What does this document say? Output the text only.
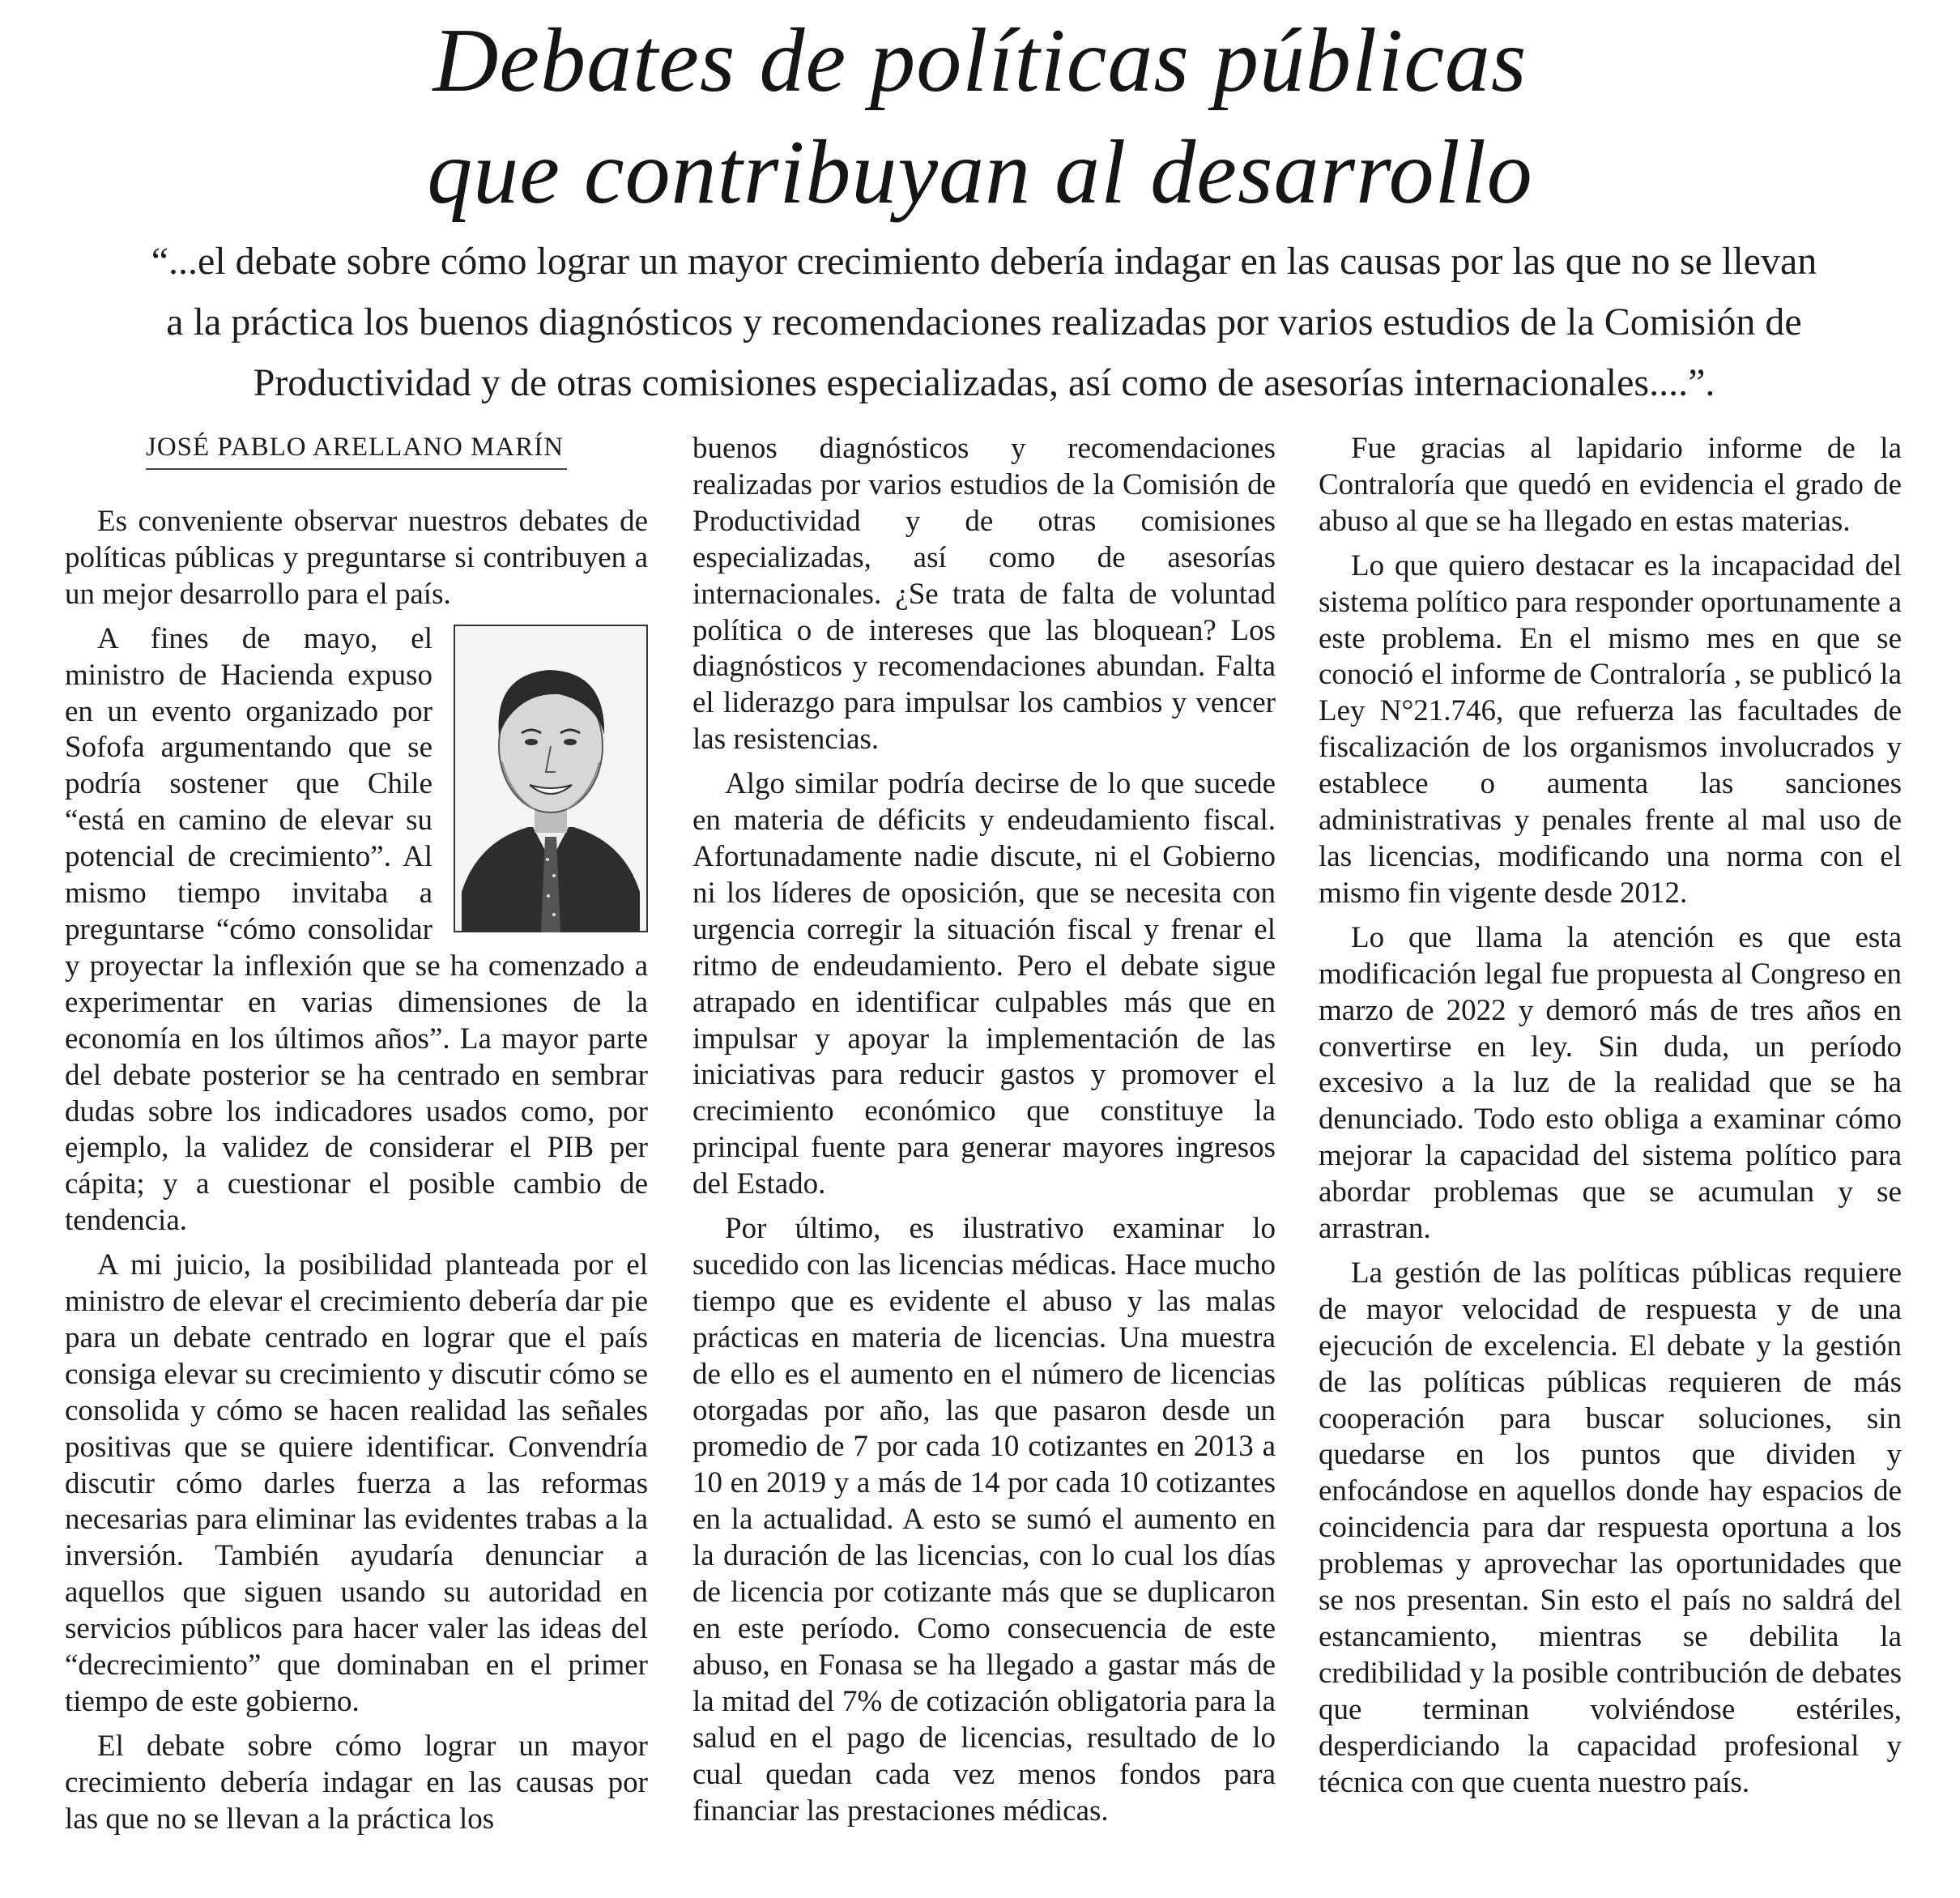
Debates de políticas públicas
que contribuyan al desarrollo
“...el debate sobre cómo lograr un mayor crecimiento debería indagar en las causas por las que no se llevan
a la práctica los buenos diagnósticos y recomendaciones realizadas por varios estudios de la Comisión de
Productividad y de otras comisiones especializadas, así como de asesorías internacionales....”.
JOSÉ PABLO ARELLANO MARÍN

Es conveniente observar nuestros debates de políticas públicas y preguntarse si contribuyen a un mejor desarrollo para el país.

A fines de mayo, el ministro de Hacienda expuso en un evento organizado por Sofofa argumentando que se podría sostener que Chile “está en camino de elevar su potencial de crecimiento”. Al mismo tiempo invitaba a preguntarse “cómo consolidar y proyectar la inflexión que se ha comenzado a experimentar en varias dimensiones de la economía en los últimos años”. La mayor parte del debate posterior se ha centrado en sembrar dudas sobre los indicadores usados como, por ejemplo, la validez de considerar el PIB per cápita; y a cuestionar el posible cambio de tendencia.

A mi juicio, la posibilidad planteada por el ministro de elevar el crecimiento debería dar pie para un debate centrado en lograr que el país consiga elevar su crecimiento y discutir cómo se consolida y cómo se hacen realidad las señales positivas que se quiere identificar. Convendría discutir cómo darles fuerza a las reformas necesarias para eliminar las evidentes trabas a la inversión. También ayudaría denunciar a aquellos que siguen usando su autoridad en servicios públicos para hacer valer las ideas del “decrecimiento” que dominaban en el primer tiempo de este gobierno.

El debate sobre cómo lograr un mayor crecimiento debería indagar en las causas por las que no se llevan a la práctica los

buenos diagnósticos y recomendaciones realizadas por varios estudios de la Comisión de Productividad y de otras comisiones especializadas, así como de asesorías internacionales. ¿Se trata de falta de voluntad política o de intereses que las bloquean? Los diagnósticos y recomendaciones abundan. Falta el liderazgo para impulsar los cambios y vencer las resistencias.

Algo similar podría decirse de lo que sucede en materia de déficits y endeudamiento fiscal. Afortunadamente nadie discute, ni el Gobierno ni los líderes de oposición, que se necesita con urgencia corregir la situación fiscal y frenar el ritmo de endeudamiento. Pero el debate sigue atrapado en identificar culpables más que en impulsar y apoyar la implementación de las iniciativas para reducir gastos y promover el crecimiento económico que constituye la principal fuente para generar mayores ingresos del Estado.

Por último, es ilustrativo examinar lo sucedido con las licencias médicas. Hace mucho tiempo que es evidente el abuso y las malas prácticas en materia de licencias. Una muestra de ello es el aumento en el número de licencias otorgadas por año, las que pasaron desde un promedio de 7 por cada 10 cotizantes en 2013 a 10 en 2019 y a más de 14 por cada 10 cotizantes en la actualidad. A esto se sumó el aumento en la duración de las licencias, con lo cual los días de licencia por cotizante más que se duplicaron en este período. Como consecuencia de este abuso, en Fonasa se ha llegado a gastar más de la mitad del 7% de cotización obligatoria para la salud en el pago de licencias, resultado de lo cual quedan cada vez menos fondos para financiar las prestaciones médicas.

Fue gracias al lapidario informe de la Contraloría que quedó en evidencia el grado de abuso al que se ha llegado en estas materias.

Lo que quiero destacar es la incapacidad del sistema político para responder oportunamente a este problema. En el mismo mes en que se conoció el informe de Contraloría , se publicó la Ley N°21.746, que refuerza las facultades de fiscalización de los organismos involucrados y establece o aumenta las sanciones administrativas y penales frente al mal uso de las licencias, modificando una norma con el mismo fin vigente desde 2012.

Lo que llama la atención es que esta modificación legal fue propuesta al Congreso en marzo de 2022 y demoró más de tres años en convertirse en ley. Sin duda, un período excesivo a la luz de la realidad que se ha denunciado. Todo esto obliga a examinar cómo mejorar la capacidad del sistema político para abordar problemas que se acumulan y se arrastran.

La gestión de las políticas públicas requiere de mayor velocidad de respuesta y de una ejecución de excelencia. El debate y la gestión de las políticas públicas requieren de más cooperación para buscar soluciones, sin quedarse en los puntos que dividen y enfocándose en aquellos donde hay espacios de coincidencia para dar respuesta oportuna a los problemas y aprovechar las oportunidades que se nos presentan. Sin esto el país no saldrá del estancamiento, mientras se debilita la credibilidad y la posible contribución de debates que terminan volviéndose estériles, desperdiciando la capacidad profesional y técnica con que cuenta nuestro país.
